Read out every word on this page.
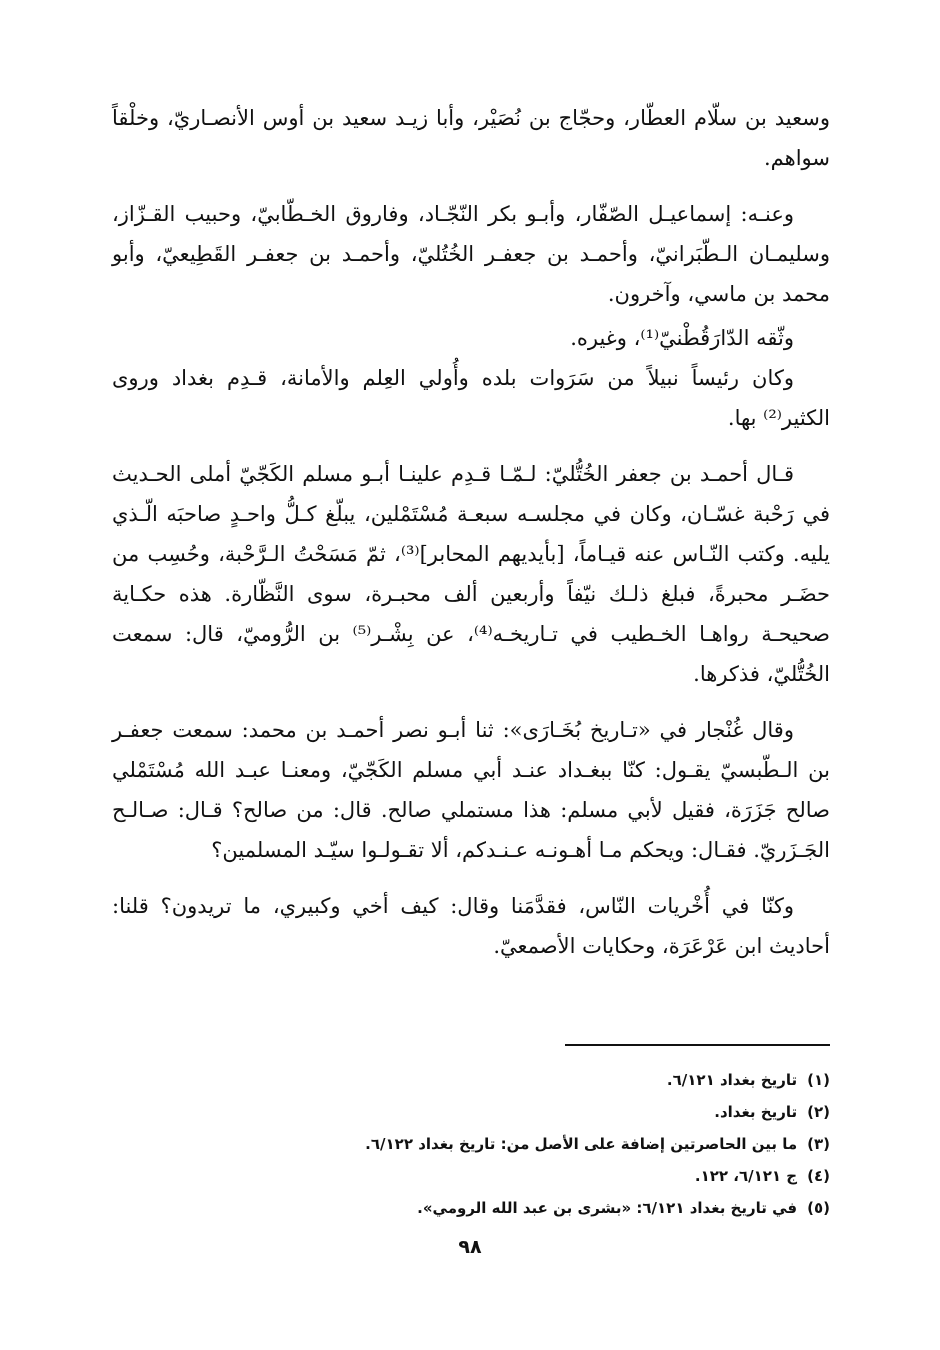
وسعيد بن سلّام العطّار، وحجّاج بن نُصَيْر، وأبا زيـد سعيد بن أوس الأنصـاريّ، وخلْقاً سواهم.

وعنـه: إسماعيـل الصّفّار، وأبـو بكر النّجّـاد، وفاروق الخـطّابيّ، وحبيب القـزّاز، وسليمـان الـطّبَرانيّ، وأحمـد بن جعفـر الخُتُليّ، وأحمـد بن جعفـر القَطِيعيّ، وأبو محمد بن ماسي، وآخرون.

وثّقه الدّارَقُطْنيّ⁽¹⁾، وغيره.

وكان رئيساً نبيلاً من سَرَوات بلده وأُولي العِلم والأمانة، قـدِم بغداد وروى الكثير⁽²⁾ بها.

قـال أحمـد بن جعفر الخُتُّليّ: لـمّـا قـدِم علينـا أبـو مسلم الكَجّيّ أملى الحـديث في رَحْبة غسّـان، وكان في مجلسـه سبعـة مُسْتَمْلين، يبلّغ كـلُّ واحـدٍ صاحبَه الّـذي يليه. وكتب النّـاس عنه قيـاماً، [بأيديهم المحابر]⁽³⁾، ثمّ مَسَحْتُ الـرَّحْبة، وحُسِب من حضَـر محبرةً، فبلغ ذلـك نيّفاً وأربعين ألف محبـرة، سوى النَّظّارة. هذه حكـاية صحيحـة رواهـا الخـطيب في تـاريخـه⁽⁴⁾، عن بِشْـر⁽⁵⁾ بن الرُّوميّ، قال: سمعت الخُتُّليّ، فذكرها.

وقال غُنْجار في «تـاريخ بُخَـارَى»: ثنا أبـو نصر أحمـد بن محمد: سمعت جعفـر بن الـطّبسيّ يقـول: كنّا ببغـداد عنـد أبي مسلم الكَجّيّ، ومعنـا عبـد الله مُسْتَمْلي صالح جَزَرَة، فقيل لأبي مسلم: هذا مستملي صالح. قال: من صالح؟ قـال: صـالـح الجَـزَريّ. فقـال: ويحكم مـا أهـونـه عـنـدكم، ألا تقـولـوا سيّـد المسلمين؟

وكنّا في أُخْريات النّاس، فقدَّمَنا وقال: كيف أخي وكبيري، ما تريدون؟ قلنا: أحاديث ابن عَرْعَرَة، وحكايات الأصمعيّ.

(١)تاريخ بغداد ٦/١٢١.
(٢)تاريخ بغداد.
(٣)ما بين الحاصرتين إضافة على الأصل من: تاريخ بغداد ٦/١٢٢.
(٤)ج ٦/١٢١، ١٢٢.
(٥)في تاريخ بغداد ٦/١٢١: «بشرى بن عبد الله الرومي».
٩٨
